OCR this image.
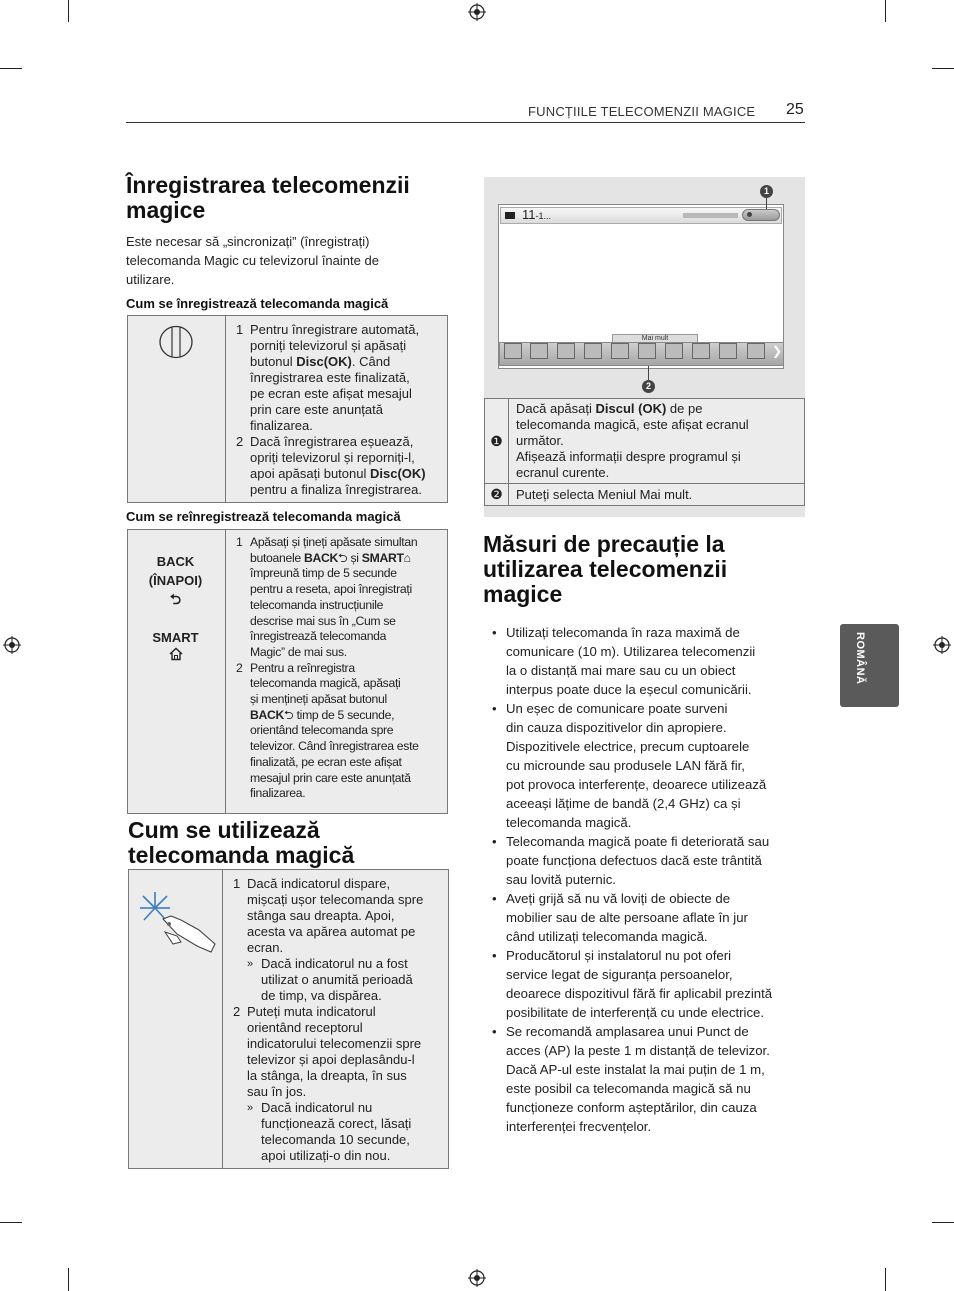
FUNCȚIILE TELECOMENZII MAGICE 25
ROMÂNĂ
Înregistrarea telecomenzii
magice
Este necesar să „sincronizați” (înregistrați)
telecomanda Magic cu televizorul înainte de
utilizare.
Cum se înregistrează telecomanda magică

1 Pentru înregistrare automată,
porniți televizorul și apăsați
butonul Disc(OK). Când
înregistrarea este finalizată,
pe ecran este afișat mesajul
prin care este anunțată
finalizarea.
2 Dacă înregistrarea eșuează,
opriți televizorul și reporniți-l,
apoi apăsați butonul Disc(OK)
pentru a finaliza înregistrarea.
Cum se reînregistrează telecomanda magică
BACK
(ÎNAPOI)
⮌
SMART

1 Apăsați și țineți apăsate simultan
butoanele BACK⮌ și SMART⌂
împreună timp de 5 secunde
pentru a reseta, apoi înregistrați
telecomanda instrucțiunile
descrise mai sus în „Cum se
înregistrează telecomanda
Magic” de mai sus.
2 Pentru a reînregistra
telecomanda magică, apăsați
și mențineți apăsat butonul
BACK⮌ timp de 5 secunde,
orientând telecomanda spre
televizor. Când înregistrarea este
finalizată, pe ecran este afișat
mesajul prin care este anunțată
finalizarea.
Cum se utilizează
telecomanda magică

1 Dacă indicatorul dispare,
mișcați ușor telecomanda spre
stânga sau dreapta. Apoi,
acesta va apărea automat pe
ecran.
» Dacă indicatorul nu a fost
utilizat o anumită perioadă
de timp, va dispărea.
2 Puteți muta indicatorul
orientând receptorul
indicatorului telecomenzii spre
televizor și apoi deplasându-l
la stânga, la dreapta, în sus
sau în jos.
» Dacă indicatorul nu
funcționează corect, lăsați
telecomanda 10 secunde,
apoi utilizați-o din nou.
11-1...
1
Mai mult
❯
2
❶	Dacă apăsați Discul (OK) de pe
telecomanda magică, este afișat ecranul
următor.
Afișează informații despre programul și
ecranul curente.

❷	Puteți selecta Meniul Mai mult.
Măsuri de precauție la
utilizarea telecomenzii
magice
• Utilizați telecomanda în raza maximă de
comunicare (10 m). Utilizarea telecomenzii
la o distanță mai mare sau cu un obiect
interpus poate duce la eșecul comunicării.
• Un eșec de comunicare poate surveni
din cauza dispozitivelor din apropiere.
Dispozitivele electrice, precum cuptoarele
cu microunde sau produsele LAN fără fir,
pot provoca interferențe, deoarece utilizează
aceeași lățime de bandă (2,4 GHz) ca și
telecomanda magică.
• Telecomanda magică poate fi deteriorată sau
poate funcționa defectuos dacă este trântită
sau lovită puternic.
• Aveți grijă să nu vă loviți de obiecte de
mobilier sau de alte persoane aflate în jur
când utilizați telecomanda magică.
• Producătorul și instalatorul nu pot oferi
service legat de siguranța persoanelor,
deoarece dispozitivul fără fir aplicabil prezintă
posibilitate de interferență cu unde electrice.
• Se recomandă amplasarea unui Punct de
acces (AP) la peste 1 m distanță de televizor.
Dacă AP-ul este instalat la mai puțin de 1 m,
este posibil ca telecomanda magică să nu
funcționeze conform așteptărilor, din cauza
interferenței frecvențelor.
